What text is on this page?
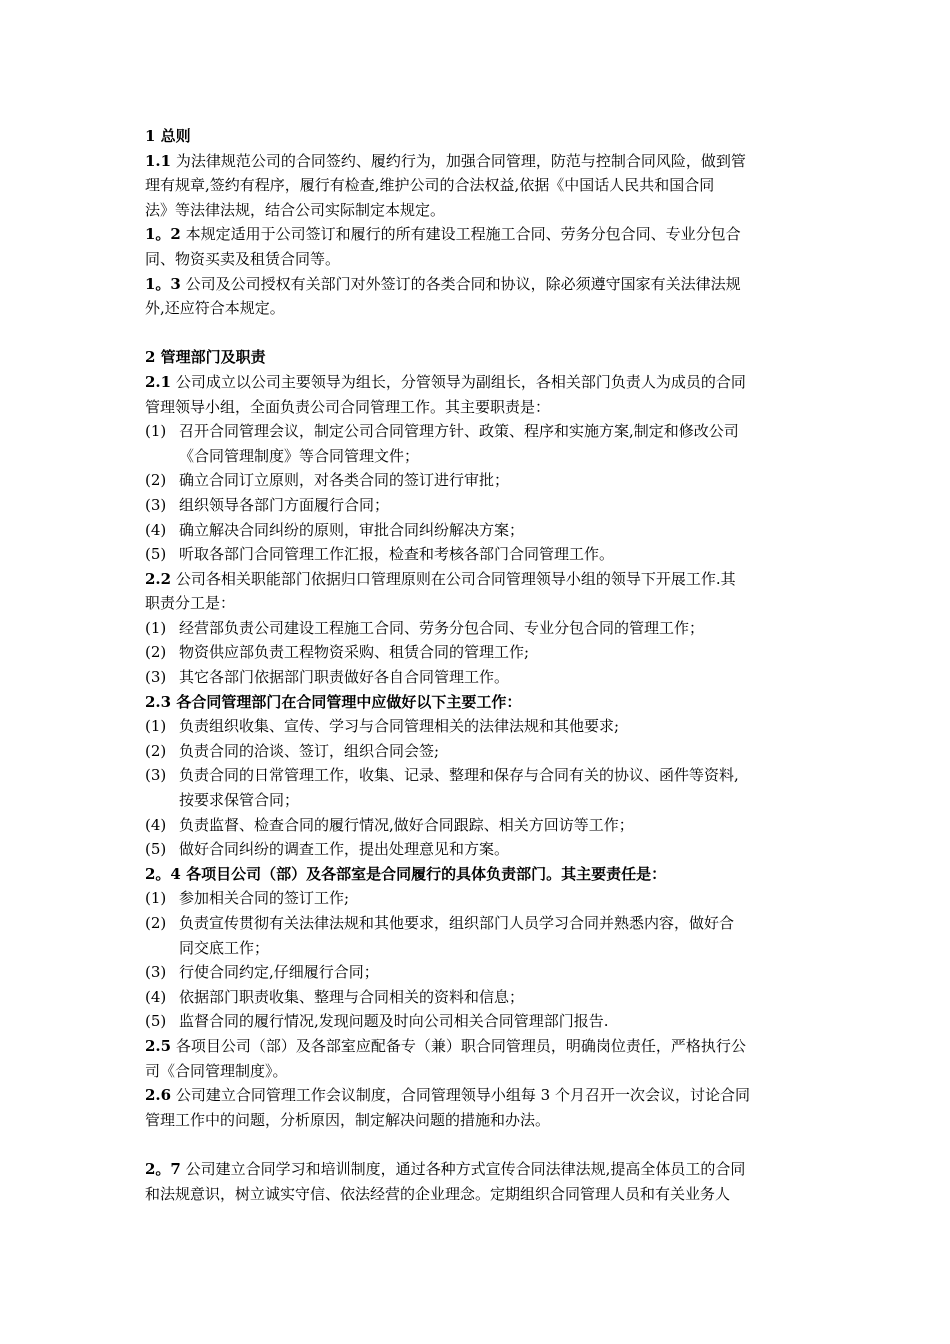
1 总则
1.1 为法律规范公司的合同签约、履约行为，加强合同管理，防范与控制合同风险，做到管
理有规章,签约有程序，履行有检查,维护公司的合法权益,依据《中国话人民共和国合同
法》等法律法规，结合公司实际制定本规定。
1。2 本规定适用于公司签订和履行的所有建设工程施工合同、劳务分包合同、专业分包合
同、物资买卖及租赁合同等。
1。3 公司及公司授权有关部门对外签订的各类合同和协议，除必须遵守国家有关法律法规
外,还应符合本规定。
2 管理部门及职责
2.1 公司成立以公司主要领导为组长，分管领导为副组长，各相关部门负责人为成员的合同
管理领导小组，全面负责公司合同管理工作。其主要职责是：
(1) 召开合同管理会议，制定公司合同管理方针、政策、程序和实施方案,制定和修改公司
《合同管理制度》等合同管理文件；
(2) 确立合同订立原则，对各类合同的签订进行审批；
(3) 组织领导各部门方面履行合同；
(4) 确立解决合同纠纷的原则，审批合同纠纷解决方案；
(5) 听取各部门合同管理工作汇报，检查和考核各部门合同管理工作。
2.2 公司各相关职能部门依据归口管理原则在公司合同管理领导小组的领导下开展工作.其
职责分工是：
(1) 经营部负责公司建设工程施工合同、劳务分包合同、专业分包合同的管理工作；
(2) 物资供应部负责工程物资采购、租赁合同的管理工作;
(3) 其它各部门依据部门职责做好各自合同管理工作。
2.3 各合同管理部门在合同管理中应做好以下主要工作：
(1) 负责组织收集、宣传、学习与合同管理相关的法律法规和其他要求;
(2) 负责合同的洽谈、签订，组织合同会签;
(3) 负责合同的日常管理工作，收集、记录、整理和保存与合同有关的协议、函件等资料,
按要求保管合同；
(4) 负责监督、检查合同的履行情况,做好合同跟踪、相关方回访等工作；
(5) 做好合同纠纷的调查工作，提出处理意见和方案。
2。4 各项目公司（部）及各部室是合同履行的具体负责部门。其主要责任是：
(1) 参加相关合同的签订工作;
(2) 负责宣传贯彻有关法律法规和其他要求，组织部门人员学习合同并熟悉内容，做好合
同交底工作；
(3) 行使合同约定,仔细履行合同；
(4) 依据部门职责收集、整理与合同相关的资料和信息；
(5) 监督合同的履行情况,发现问题及时向公司相关合同管理部门报告.
2.5 各项目公司（部）及各部室应配备专（兼）职合同管理员，明确岗位责任，严格执行公
司《合同管理制度》。
2.6 公司建立合同管理工作会议制度，合同管理领导小组每 3 个月召开一次会议，讨论合同
管理工作中的问题，分析原因，制定解决问题的措施和办法。
2。7 公司建立合同学习和培训制度，通过各种方式宣传合同法律法规,提高全体员工的合同
和法规意识，树立诚实守信、依法经营的企业理念。定期组织合同管理人员和有关业务人
